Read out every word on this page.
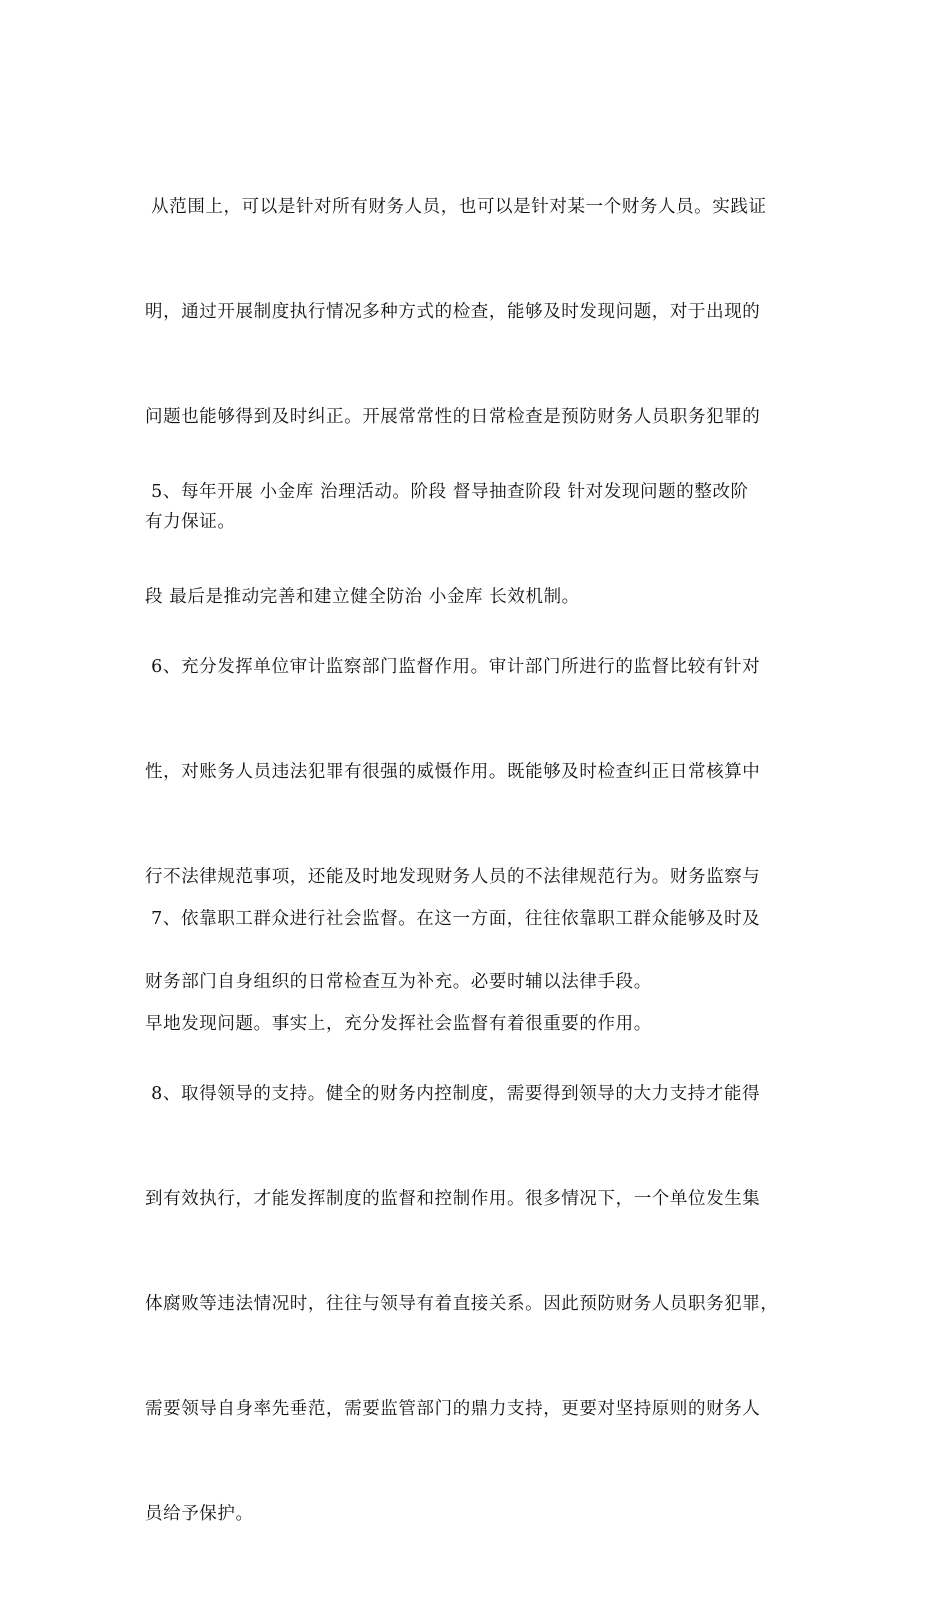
从范围上，可以是针对所有财务人员，也可以是针对某一个财务人员。实践证

明，通过开展制度执行情况多种方式的检查，能够及时发现问题，对于出现的

问题也能够得到及时纠正。开展常常性的日常检查是预防财务人员职务犯罪的

有力保证。

5、每年开展 小金库 治理活动。阶段 督导抽查阶段 针对发现问题的整改阶

段 最后是推动完善和建立健全防治 小金库 长效机制。

6、充分发挥单位审计监察部门监督作用。审计部门所进行的监督比较有针对

性，对账务人员违法犯罪有很强的威慑作用。既能够及时检查纠正日常核算中

行不法律规范事项，还能及时地发现财务人员的不法律规范行为。财务监察与

财务部门自身组织的日常检查互为补充。必要时辅以法律手段。

7、依靠职工群众进行社会监督。在这一方面，往往依靠职工群众能够及时及

早地发现问题。事实上，充分发挥社会监督有着很重要的作用。

8、取得领导的支持。健全的财务内控制度，需要得到领导的大力支持才能得

到有效执行，才能发挥制度的监督和控制作用。很多情况下，一个单位发生集

体腐败等违法情况时，往往与领导有着直接关系。因此预防财务人员职务犯罪，

需要领导自身率先垂范，需要监管部门的鼎力支持，更要对坚持原则的财务人

员给予保护。
